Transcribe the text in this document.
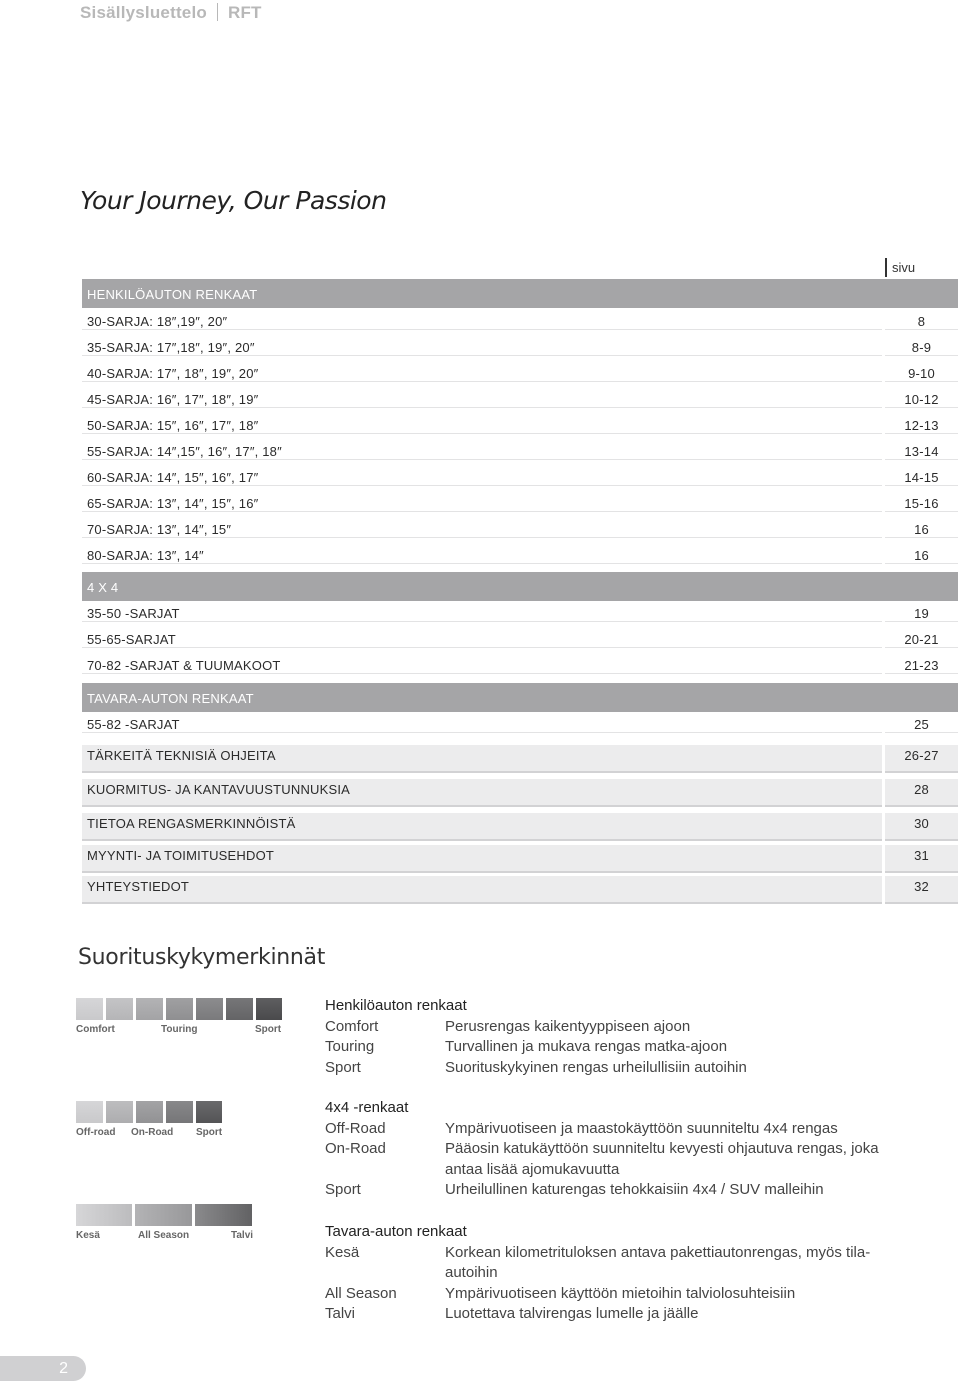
Sisällysluettelo RFT
Your Journey, Our Passion
sivu
HENKILÖAUTON RENKAAT
30-SARJA: 18″,19″, 20″	8
35-SARJA: 17″,18″, 19″, 20″	8-9
40-SARJA: 17″, 18″, 19″, 20″	9-10
45-SARJA: 16″, 17″, 18″, 19″	10-12
50-SARJA: 15″, 16″, 17″, 18″	12-13
55-SARJA: 14″,15″, 16″, 17″, 18″	13-14
60-SARJA: 14″, 15″, 16″, 17″	14-15
65-SARJA: 13″, 14″, 15″, 16″	15-16
70-SARJA: 13″, 14″, 15″	16
80-SARJA: 13″, 14″	16
4 X 4
35-50 -SARJAT	19
55-65-SARJAT	20-21
70-82 -SARJAT & TUUMAKOOT	21-23
TAVARA-AUTON RENKAAT
55-82 -SARJAT	25
TÄRKEITÄ TEKNISIÄ OHJEITA	26-27
KUORMITUS- JA KANTAVUUSTUNNUKSIA	28
TIETOA RENGASMERKINNÖISTÄ	30
MYYNTI- JA TOIMITUSEHDOT	31
YHTEYSTIEDOT	32
Suorituskykymerkinnät
Comfort	Touring	Sport
Off-road On-Road Sport
Kesä	All Season	Talvi
Henkilöauton renkaat
Comfort	Perusrengas kaikentyyppiseen ajoon
Touring	Turvallinen ja mukava rengas matka-ajoon
Sport	Suorituskykyinen rengas urheilullisiin autoihin
4x4 -renkaat
Off-Road	Ympärivuotiseen ja maastokäyttöön suunniteltu 4x4 rengas
On-Road	Pääosin katukäyttöön suunniteltu kevyesti ohjautuva rengas, joka antaa lisää ajomukavuutta
Sport	Urheilullinen katurengas tehokkaisiin 4x4 / SUV malleihin
Tavara-auton renkaat
Kesä	Korkean kilometrituloksen antava pakettiautonrengas, myös tila-autoihin
All Season	Ympärivuotiseen käyttöön mietoihin talviolosuhteisiin
Talvi	Luotettava talvirengas lumelle ja jäälle
2
